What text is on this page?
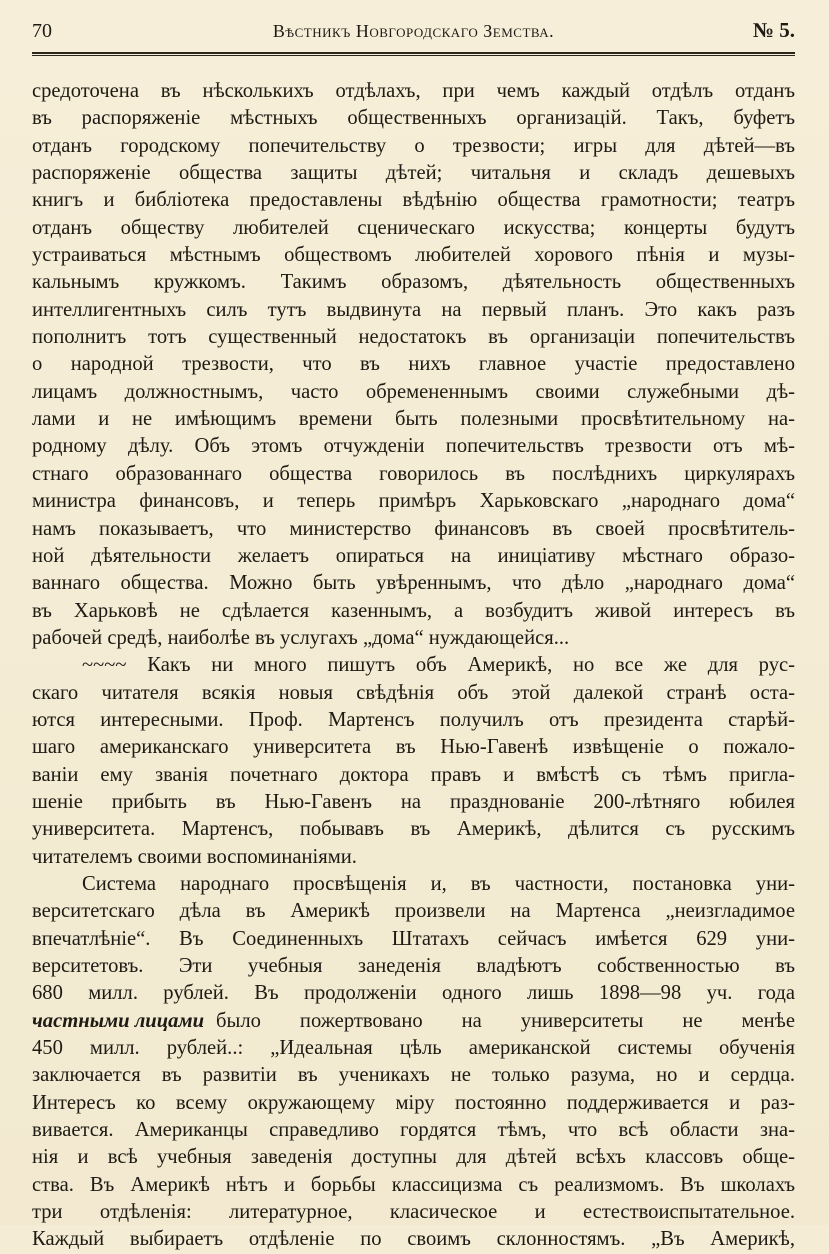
70	Вѣстникъ Новгородскаго Земства.	№ 5.
средоточена въ нѣсколькихъ отдѣлахъ, при чемъ каждый отдѣлъ отданъ
въ распоряженіе мѣстныхъ общественныхъ организацій. Такъ, буфетъ
отданъ городскому попечительству о трезвости; игры для дѣтей—въ
распоряженіе общества защиты дѣтей; читальня и складъ дешевыхъ
книгъ и библіотека предоставлены вѣдѣнію общества грамотности; театръ
отданъ обществу любителей сценическаго искусства; концерты будутъ
устраиваться мѣстнымъ обществомъ любителей хорового пѣнія и музы-
кальнымъ кружкомъ. Такимъ образомъ, дѣятельность общественныхъ
интеллигентныхъ силъ тутъ выдвинута на первый планъ. Это какъ разъ
пополнитъ тотъ существенный недостатокъ въ организаціи попечительствъ
о народной трезвости, что въ нихъ главное участіе предоставлено
лицамъ должностнымъ, часто обремененнымъ своими служебными дѣ-
лами и не имѣющимъ времени быть полезными просвѣтительному на-
родному дѣлу. Объ этомъ отчужденіи попечительствъ трезвости отъ мѣ-
стнаго образованнаго общества говорилось въ послѣднихъ циркулярахъ
министра финансовъ, и теперь примѣръ Харьковскаго „народнаго дома“
намъ показываетъ, что министерство финансовъ въ своей просвѣтитель-
ной дѣятельности желаетъ опираться на иниціативу мѣстнаго образо-
ваннаго общества. Можно быть увѣреннымъ, что дѣло „народнаго дома“
въ Харьковѣ не сдѣлается казеннымъ, а возбудитъ живой интересъ въ
рабочей средѣ, наиболѣе въ услугахъ „дома“ нуждающейся...
~~~~ Какъ ни много пишутъ объ Америкѣ, но все же для рус-
скаго читателя всякія новыя свѣдѣнія объ этой далекой странѣ оста-
ются интересными. Проф. Мартенсъ получилъ отъ президента старѣй-
шаго американскаго университета въ Нью-Гавенѣ извѣщеніе о пожало-
ваніи ему званія почетнаго доктора правъ и вмѣстѣ съ тѣмъ пригла-
шеніе прибыть въ Нью-Гавенъ на празднованіе 200-лѣтняго юбилея
университета. Мартенсъ, побывавъ въ Америкѣ, дѣлится съ русскимъ
читателемъ своими воспоминаніями.
Система народнаго просвѣщенія и, въ частности, постановка уни-
верситетскаго дѣла въ Америкѣ произвели на Мартенса „неизгладимое
впечатлѣніе“. Въ Соединенныхъ Штатахъ сейчасъ имѣется 629 уни-
верситетовъ. Эти учебныя занеденія владѣютъ собственностью въ
680 милл. рублей. Въ продолженіи одного лишь 1898—98 уч. года
частными лицами было пожертвовано на университеты не менѣе
450 милл. рублей..: „Идеальная цѣль американской системы обученія
заключается въ развитіи въ ученикахъ не только разума, но и сердца.
Интересъ ко всему окружающему міру постоянно поддерживается и раз-
вивается. Американцы справедливо гордятся тѣмъ, что всѣ области зна-
нія и всѣ учебныя заведенія доступны для дѣтей всѣхъ классовъ обще-
ства. Въ Америкѣ нѣтъ и борьбы классицизма съ реализмомъ. Въ школахъ
три отдѣленія: литературное, класическое и естествоиспытательное.
Каждый выбираетъ отдѣленіе по своимъ склонностямъ. „Въ Америкѣ,
